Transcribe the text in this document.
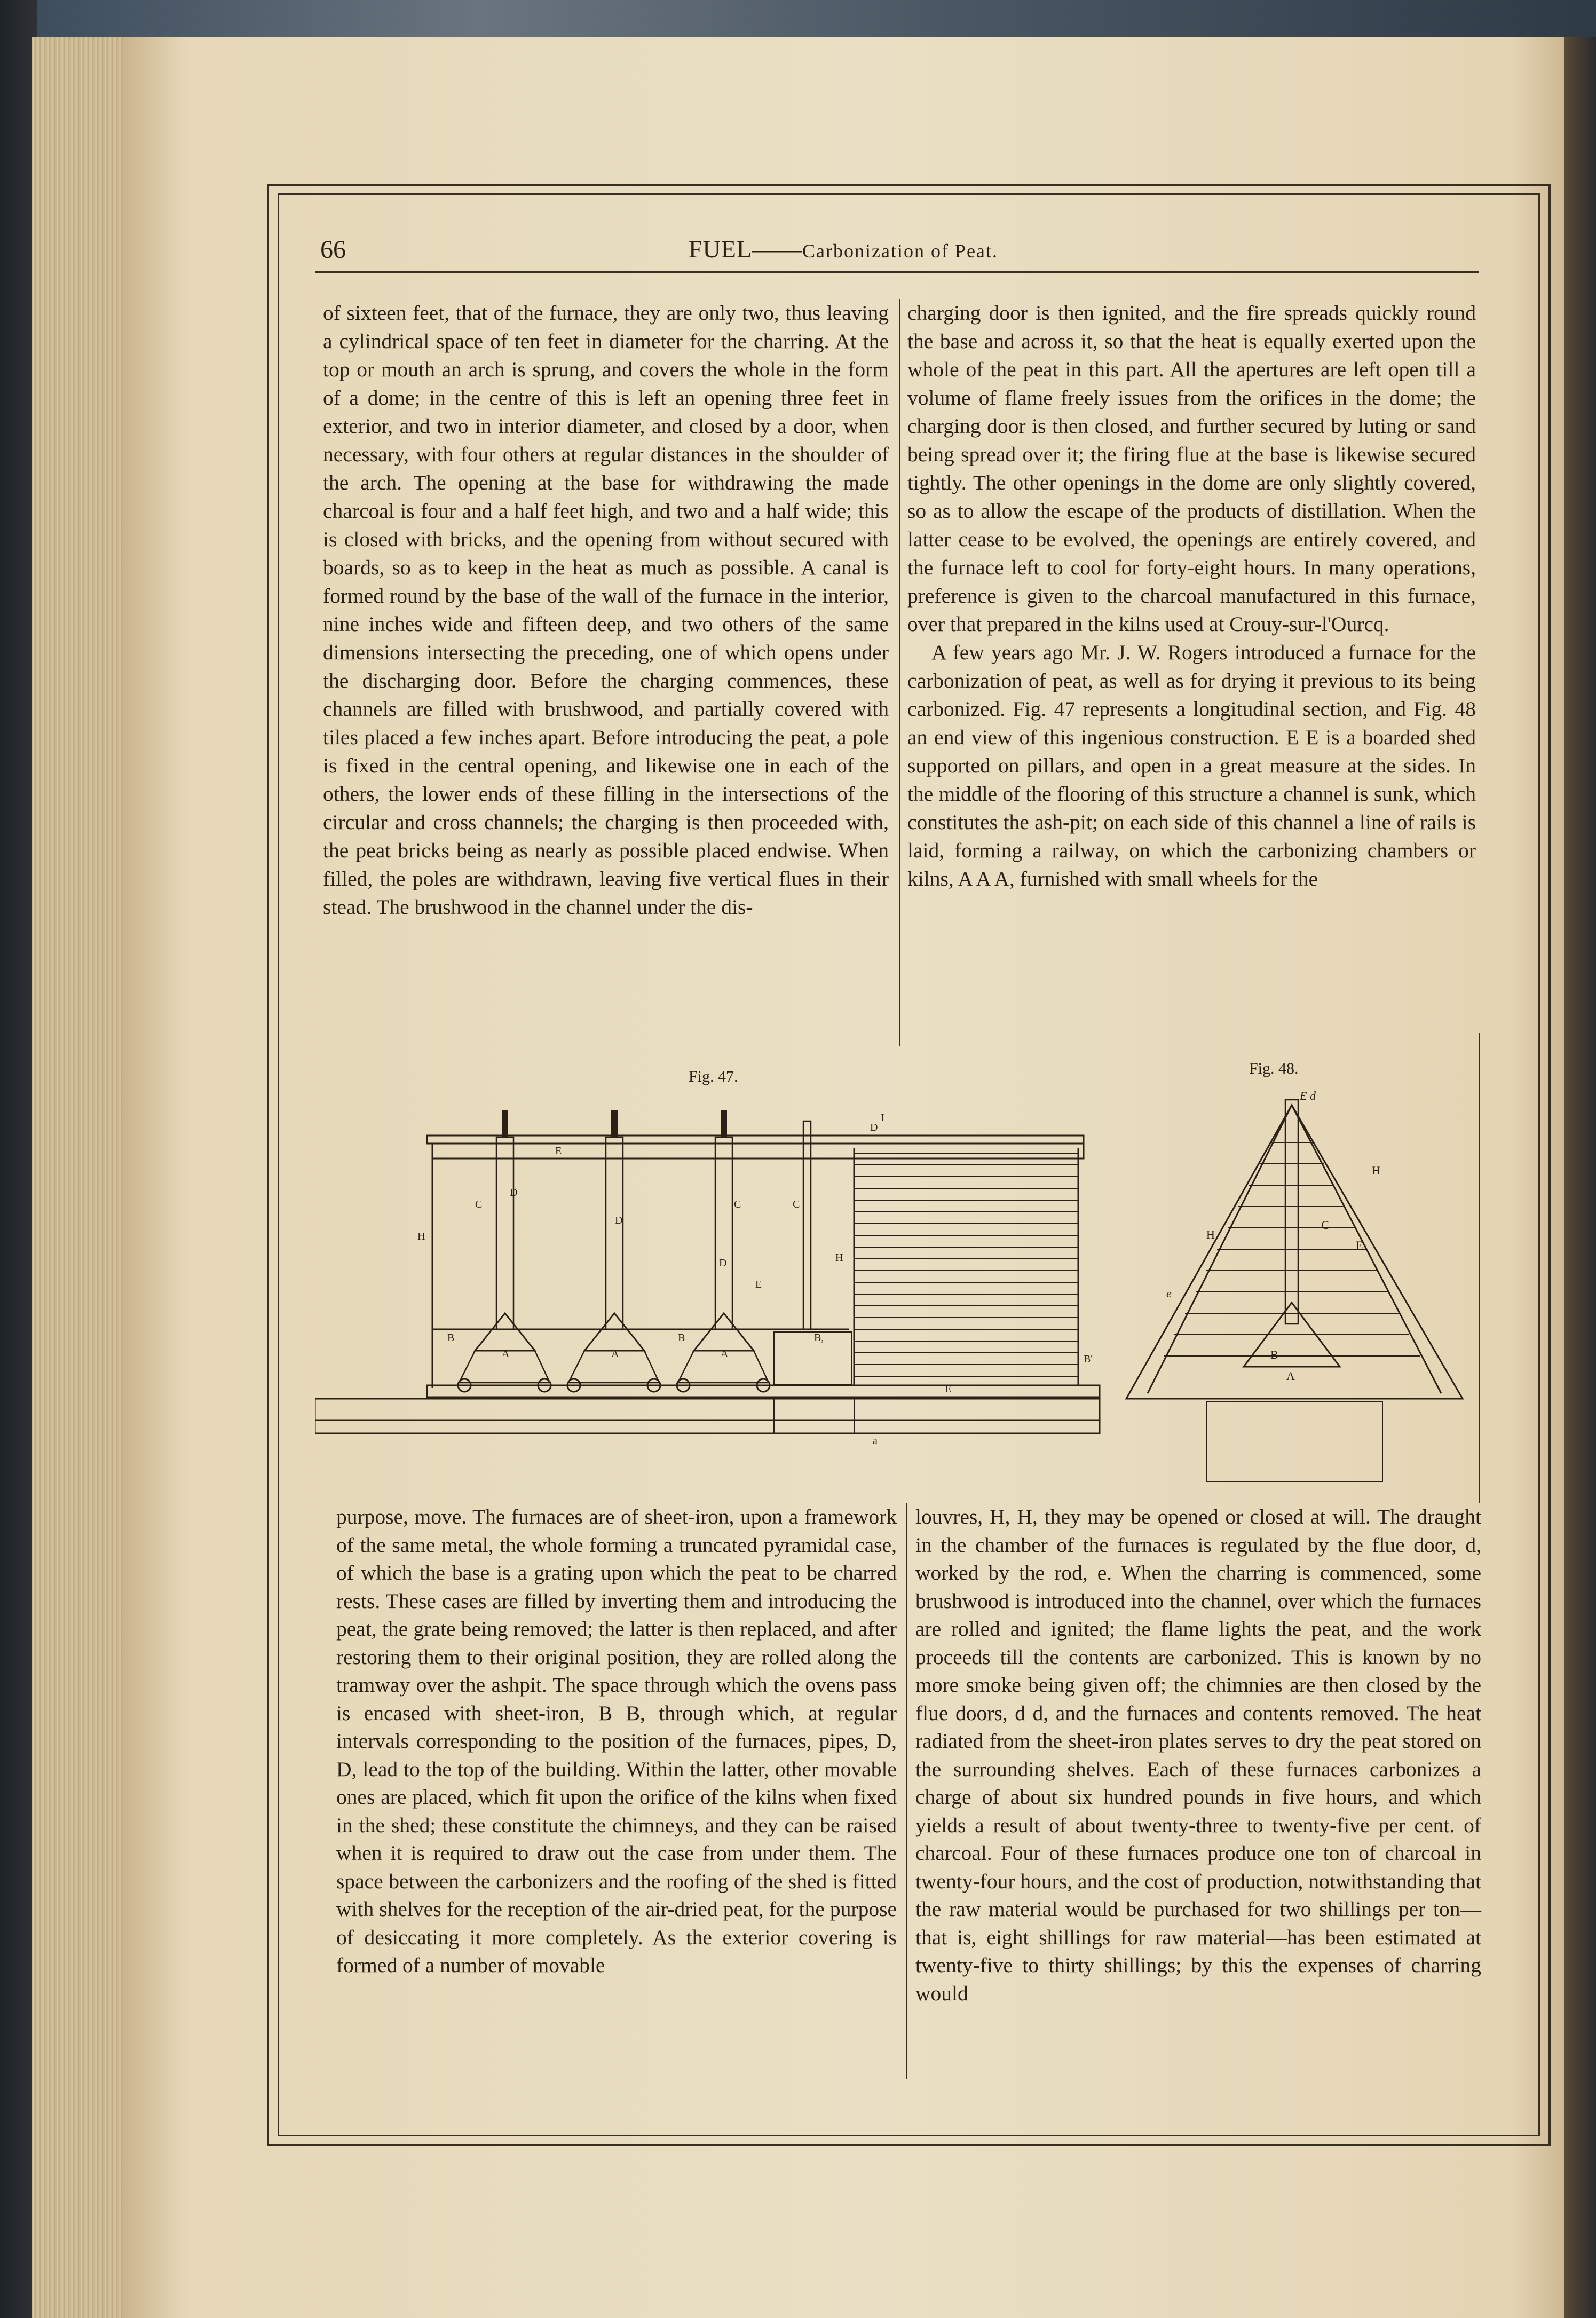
66	FUEL——Carbonization of Peat.

of sixteen feet, that of the furnace, they are only two, thus leaving a cylindrical space of ten feet in diameter for the charring. At the top or mouth an arch is sprung, and covers the whole in the form of a dome; in the centre of this is left an opening three feet in exterior, and two in interior diameter, and closed by a door, when necessary, with four others at regular distances in the shoulder of the arch. The opening at the base for withdrawing the made charcoal is four and a half feet high, and two and a half wide; this is closed with bricks, and the opening from without secured with boards, so as to keep in the heat as much as possible. A canal is formed round by the base of the wall of the furnace in the interior, nine inches wide and fifteen deep, and two others of the same dimensions intersecting the preceding, one of which opens under the discharging door. Before the charging commences, these channels are filled with brushwood, and partially covered with tiles placed a few inches apart. Before introducing the peat, a pole is fixed in the central opening, and likewise one in each of the others, the lower ends of these filling in the intersections of the circular and cross channels; the charging is then proceeded with, the peat bricks being as nearly as possible placed endwise. When filled, the poles are withdrawn, leaving five vertical flues in their stead. The brushwood in the channel under the dis-

charging door is then ignited, and the fire spreads quickly round the base and across it, so that the heat is equally exerted upon the whole of the peat in this part. All the apertures are left open till a volume of flame freely issues from the orifices in the dome; the charging door is then closed, and further secured by luting or sand being spread over it; the firing flue at the base is likewise secured tightly. The other openings in the dome are only slightly covered, so as to allow the escape of the products of distillation. When the latter cease to be evolved, the openings are entirely covered, and the furnace left to cool for forty-eight hours. In many operations, preference is given to the charcoal manufactured in this furnace, over that prepared in the kilns used at Crouy-sur-l'Ourcq.

A few years ago Mr. J. W. Rogers introduced a furnace for the carbonization of peat, as well as for drying it previous to its being carbonized. Fig. 47 represents a longitudinal section, and Fig. 48 an end view of this ingenious construction. E E is a boarded shed supported on pillars, and open in a great measure at the sides. In the middle of the flooring of this structure a channel is sunk, which constitutes the ash-pit; on each side of this channel a line of rails is laid, forming a railway, on which the carbonizing chambers or kilns, A A A, furnished with small wheels for the

Fig. 47.	Fig. 48.
E
H
C
D
D
C
D
C
I
D
H
E
B	B	B,
A	A	A	B'
E
a
E d
H
H
C
E
e
B
A

purpose, move. The furnaces are of sheet-iron, upon a framework of the same metal, the whole forming a truncated pyramidal case, of which the base is a grating upon which the peat to be charred rests. These cases are filled by inverting them and introducing the peat, the grate being removed; the latter is then replaced, and after restoring them to their original position, they are rolled along the tramway over the ashpit. The space through which the ovens pass is encased with sheet-iron, B B, through which, at regular intervals corresponding to the position of the furnaces, pipes, D, D, lead to the top of the building. Within the latter, other movable ones are placed, which fit upon the orifice of the kilns when fixed in the shed; these constitute the chimneys, and they can be raised when it is required to draw out the case from under them. The space between the carbonizers and the roofing of the shed is fitted with shelves for the reception of the air-dried peat, for the purpose of desiccating it more completely. As the exterior covering is formed of a number of movable

louvres, H, H, they may be opened or closed at will. The draught in the chamber of the furnaces is regulated by the flue door, d, worked by the rod, e. When the charring is commenced, some brushwood is introduced into the channel, over which the furnaces are rolled and ignited; the flame lights the peat, and the work proceeds till the contents are carbonized. This is known by no more smoke being given off; the chimnies are then closed by the flue doors, d d, and the furnaces and contents removed. The heat radiated from the sheet-iron plates serves to dry the peat stored on the surrounding shelves. Each of these furnaces carbonizes a charge of about six hundred pounds in five hours, and which yields a result of about twenty-three to twenty-five per cent. of charcoal. Four of these furnaces produce one ton of charcoal in twenty-four hours, and the cost of production, notwithstanding that the raw material would be purchased for two shillings per ton—that is, eight shillings for raw material—has been estimated at twenty-five to thirty shillings; by this the expenses of charring would
